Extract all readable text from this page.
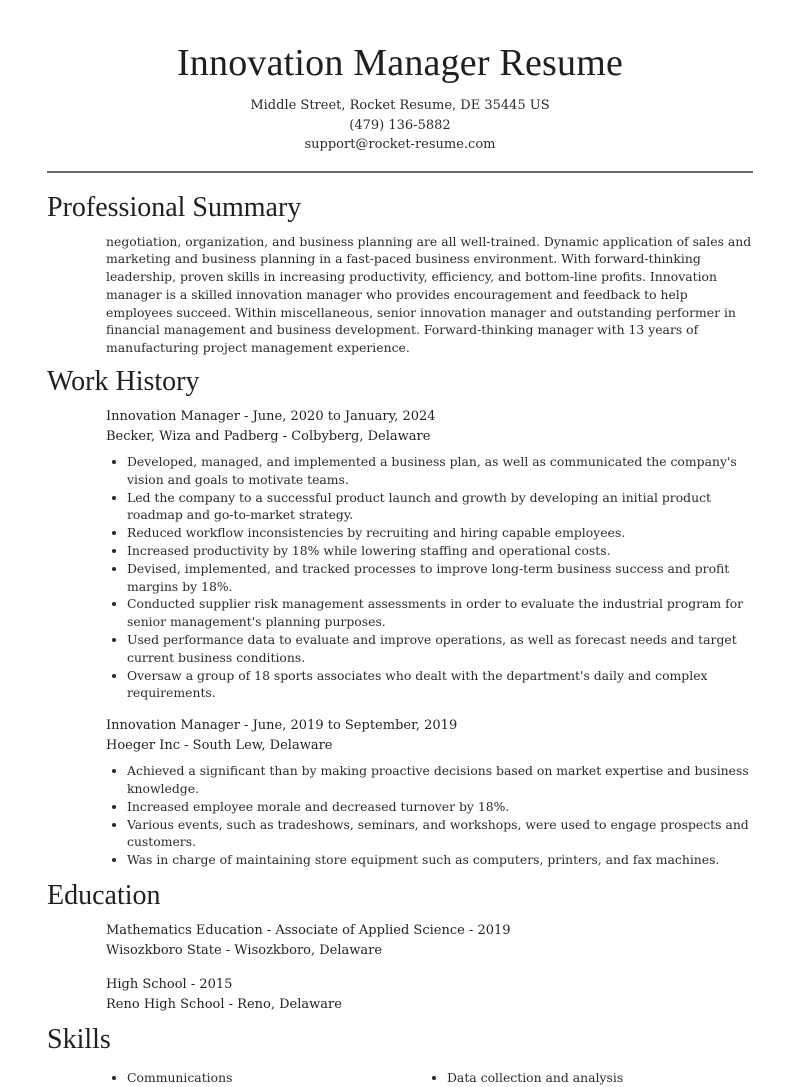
Innovation Manager Resume
Middle Street, Rocket Resume, DE 35445 US
(479) 136-5882
support@rocket-resume.com
Professional Summary

negotiation, organization, and business planning are all well-trained. Dynamic application of sales and marketing and business planning in a fast-paced business environment. With forward-thinking leadership, proven skills in increasing productivity, efficiency, and bottom-line profits. Innovation manager is a skilled innovation manager who provides encouragement and feedback to help employees succeed. Within miscellaneous, senior innovation manager and outstanding performer in financial management and business development. Forward-thinking manager with 13 years of manufacturing project management experience.

Work History
Innovation Manager - June, 2020 to January, 2024
Becker, Wiza and Padberg - Colbyberg, Delaware
• Developed, managed, and implemented a business plan, as well as communicated the company's vision and goals to motivate teams.
• Led the company to a successful product launch and growth by developing an initial product roadmap and go-to-market strategy.
• Reduced workflow inconsistencies by recruiting and hiring capable employees.
• Increased productivity by 18% while lowering staffing and operational costs.
• Devised, implemented, and tracked processes to improve long-term business success and profit margins by 18%.
• Conducted supplier risk management assessments in order to evaluate the industrial program for senior management's planning purposes.
• Used performance data to evaluate and improve operations, as well as forecast needs and target current business conditions.
• Oversaw a group of 18 sports associates who dealt with the department's daily and complex requirements.
Innovation Manager - June, 2019 to September, 2019
Hoeger Inc - South Lew, Delaware
• Achieved a significant than by making proactive decisions based on market expertise and business knowledge.
• Increased employee morale and decreased turnover by 18%.
• Various events, such as tradeshows, seminars, and workshops, were used to engage prospects and customers.
• Was in charge of maintaining store equipment such as computers, printers, and fax machines.
Education
Mathematics Education - Associate of Applied Science - 2019
Wisozkboro State - Wisozkboro, Delaware
High School - 2015
Reno High School - Reno, Delaware
Skills
• Communications	• Data collection and analysis
